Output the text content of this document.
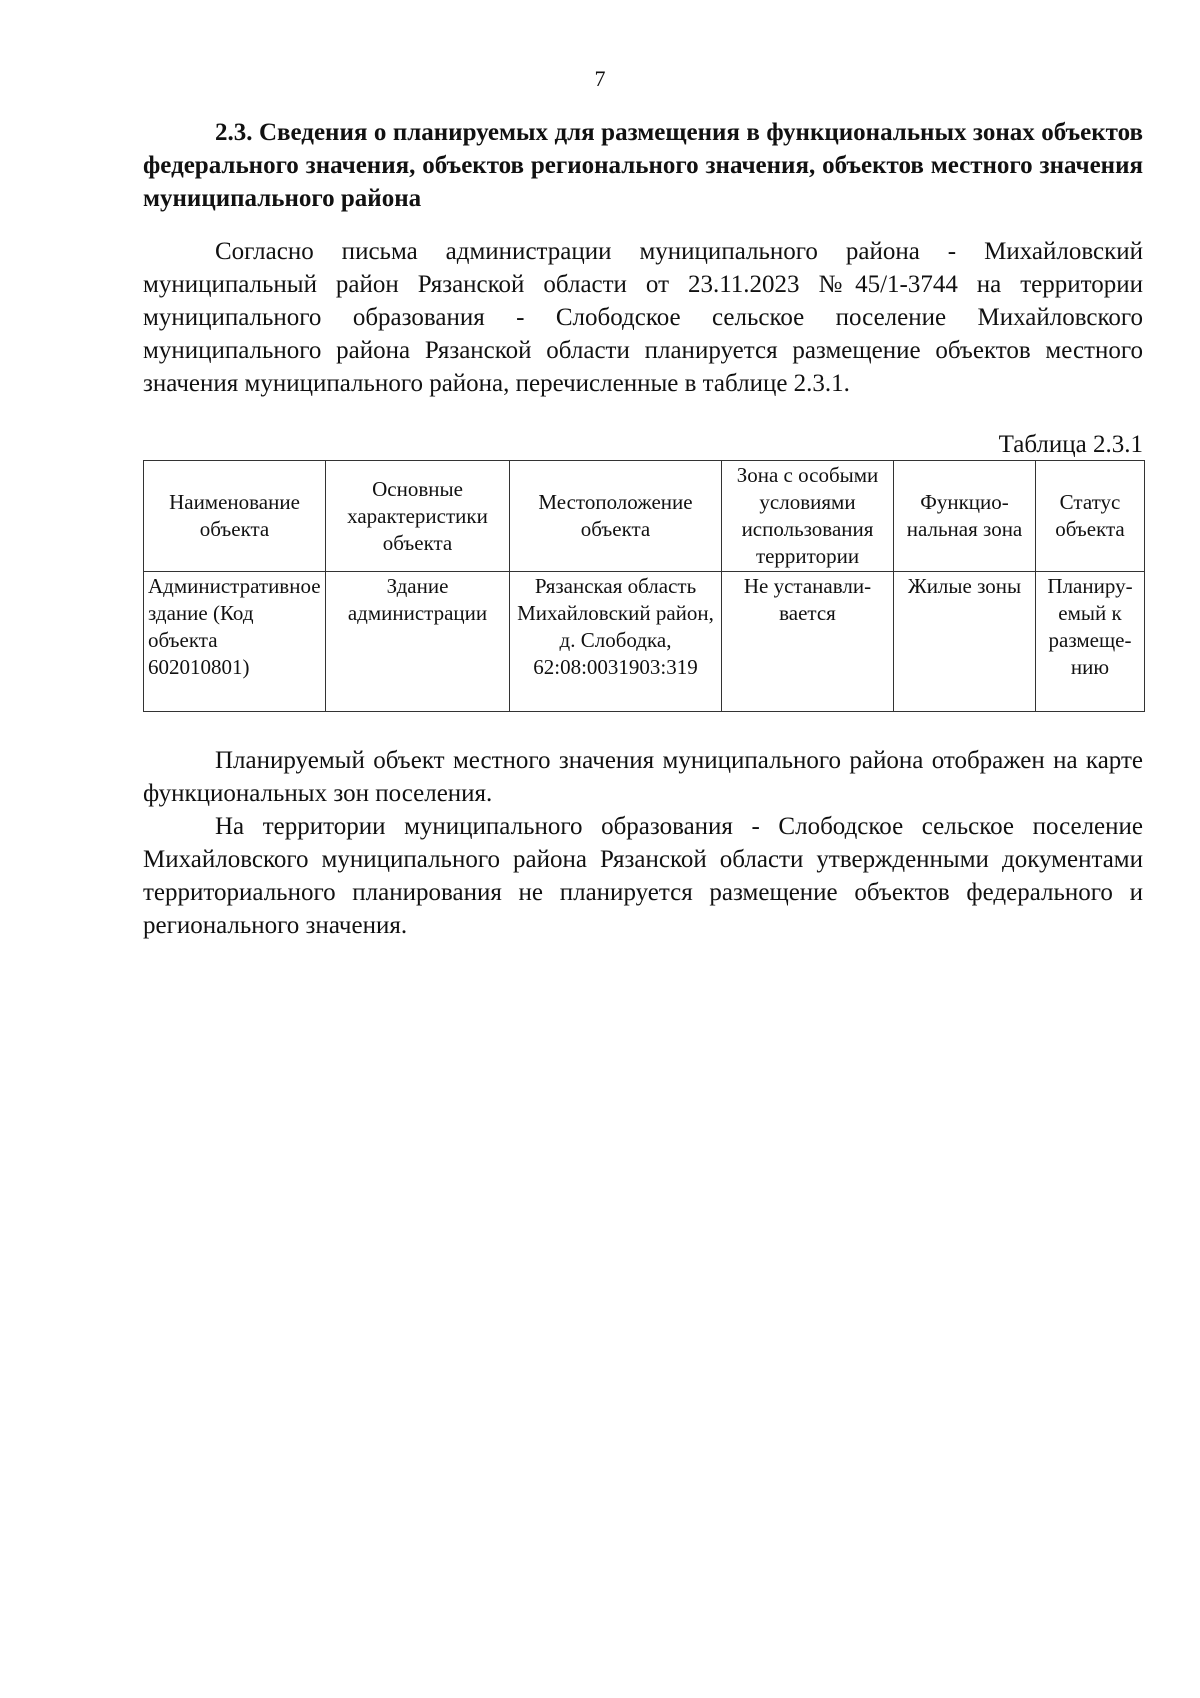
7

2.3. Сведения о планируемых для размещения в функциональных зонах объектов федерального значения, объектов регионального значения, объектов местного значения муниципального района

Согласно письма администрации муниципального района - Михайловский муниципальный район Рязанской области от 23.11.2023 №45/1-3744 на территории муниципального образования - Слободское сельское поселение Михайловского муниципального района Рязанской области планируется размещение объектов местного значения муниципального района, перечисленные в таблице 2.3.1.

Таблица 2.3.1
Наименование объекта	Основные характеристики объекта	Местоположение объекта	Зона с особыми условиями использования территории	Функцио-нальная зона	Статус объекта
Административное здание (Код объекта 602010801)	Здание администрации	Рязанская область Михайловский район, д. Слободка, 62:08:0031903:319	Не устанавли-вается	Жилые зоны	Планиру-емый к размеще-нию

Планируемый объект местного значения муниципального района отображен на карте функциональных зон поселения.

На территории муниципального образования - Слободское сельское поселение Михайловского муниципального района Рязанской области утвержденными документами территориального планирования не планируется размещение объектов федерального и регионального значения.
